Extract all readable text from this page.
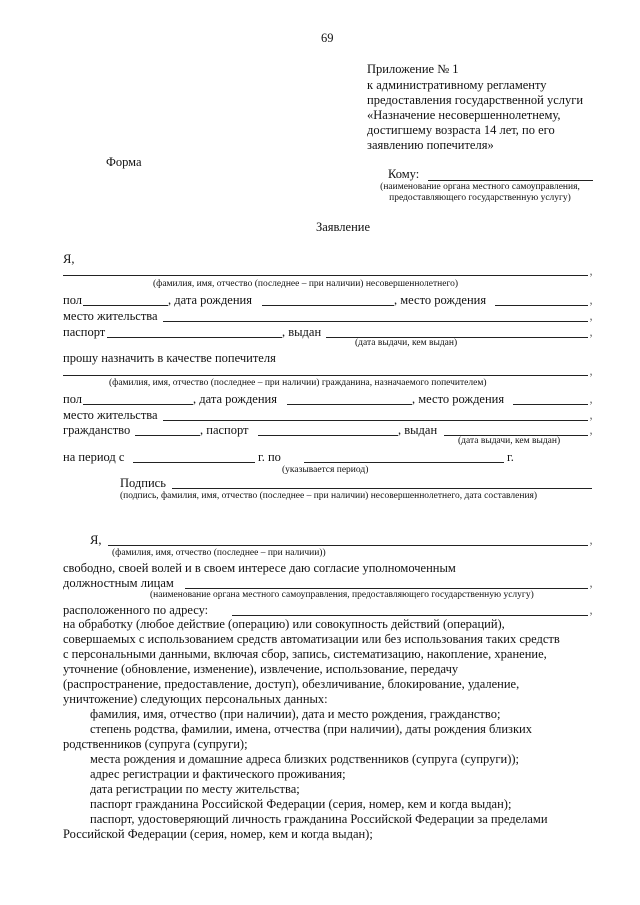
69
Приложение № 1
к административному регламенту
предоставления государственной услуги
«Назначение несовершеннолетнему,
достигшему возраста 14 лет, по его
заявлению попечителя»
Форма
Кому:
(наименование органа местного самоуправления,
предоставляющего государственную услугу)
Заявление
Я,
,
(фамилия, имя, отчество (последнее – при наличии) несовершеннолетнего)
пол	, дата рождения	, место рождения	,
место жительства	,
паспорт	, выдан	,
(дата выдачи, кем выдан)
прошу назначить в качестве попечителя
,
(фамилия, имя, отчество (последнее – при наличии) гражданина, назначаемого попечителем)
пол	, дата рождения	, место рождения	,
место жительства	,
гражданство	, паспорт	, выдан	,
(дата выдачи, кем выдан)
на период с	г. по	г.
(указывается период)
Подпись
(подпись, фамилия, имя, отчество (последнее – при наличии) несовершеннолетнего, дата составления)
Я,	,
(фамилия, имя, отчество (последнее – при наличии))
свободно, своей волей и в своем интересе даю согласие уполномоченным
должностным лицам	,
(наименование органа местного самоуправления, предоставляющего государственную услугу)
расположенного по адресу:	,
на обработку (любое действие (операцию) или совокупность действий (операций),
совершаемых с использованием средств автоматизации или без использования таких средств
с персональными данными, включая сбор, запись, систематизацию, накопление, хранение,
уточнение (обновление, изменение), извлечение, использование, передачу
(распространение, предоставление, доступ), обезличивание, блокирование, удаление,
уничтожение) следующих персональных данных:
фамилия, имя, отчество (при наличии), дата и место рождения, гражданство;
степень родства, фамилии, имена, отчества (при наличии), даты рождения близких
родственников (супруга (супруги);
места рождения и домашние адреса близких родственников (супруга (супруги));
адрес регистрации и фактического проживания;
дата регистрации по месту жительства;
паспорт гражданина Российской Федерации (серия, номер, кем и когда выдан);
паспорт, удостоверяющий личность гражданина Российской Федерации за пределами
Российской Федерации (серия, номер, кем и когда выдан);
